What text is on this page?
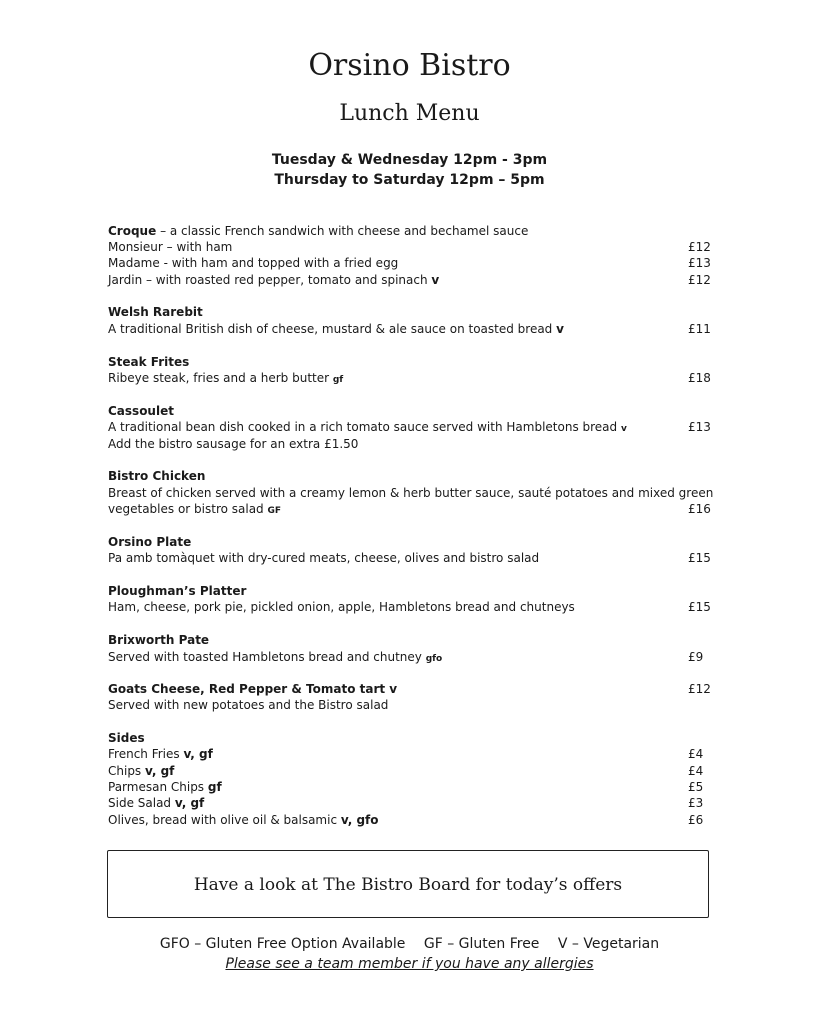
Orsino Bistro
Lunch Menu
Tuesday & Wednesday 12pm - 3pm
Thursday to Saturday 12pm – 5pm
Croque – a classic French sandwich with cheese and bechamel sauce
Monsieur – with ham	£12
Madame - with ham and topped with a fried egg	£13
Jardin – with roasted red pepper, tomato and spinach v	£12
Welsh Rarebit
A traditional British dish of cheese, mustard & ale sauce on toasted bread v	£11
Steak Frites
Ribeye steak, fries and a herb butter gf	£18
Cassoulet
A traditional bean dish cooked in a rich tomato sauce served with Hambletons bread v	£13
Add the bistro sausage for an extra £1.50
Bistro Chicken
Breast of chicken served with a creamy lemon & herb butter sauce, sauté potatoes and mixed green
vegetables or bistro salad GF	£16
Orsino Plate
Pa amb tomàquet with dry-cured meats, cheese, olives and bistro salad	£15
Ploughman’s Platter
Ham, cheese, pork pie, pickled onion, apple, Hambletons bread and chutneys	£15
Brixworth Pate
Served with toasted Hambletons bread and chutney gfo	£9
Goats Cheese, Red Pepper & Tomato tart v	£12
Served with new potatoes and the Bistro salad
Sides
French Fries v, gf	£4
Chips v, gf	£4
Parmesan Chips gf	£5
Side Salad v, gf	£3
Olives, bread with olive oil & balsamic v, gfo	£6
Have a look at The Bistro Board for today’s offers
GFO – Gluten Free Option Available GF – Gluten Free V – Vegetarian
Please see a team member if you have any allergies
